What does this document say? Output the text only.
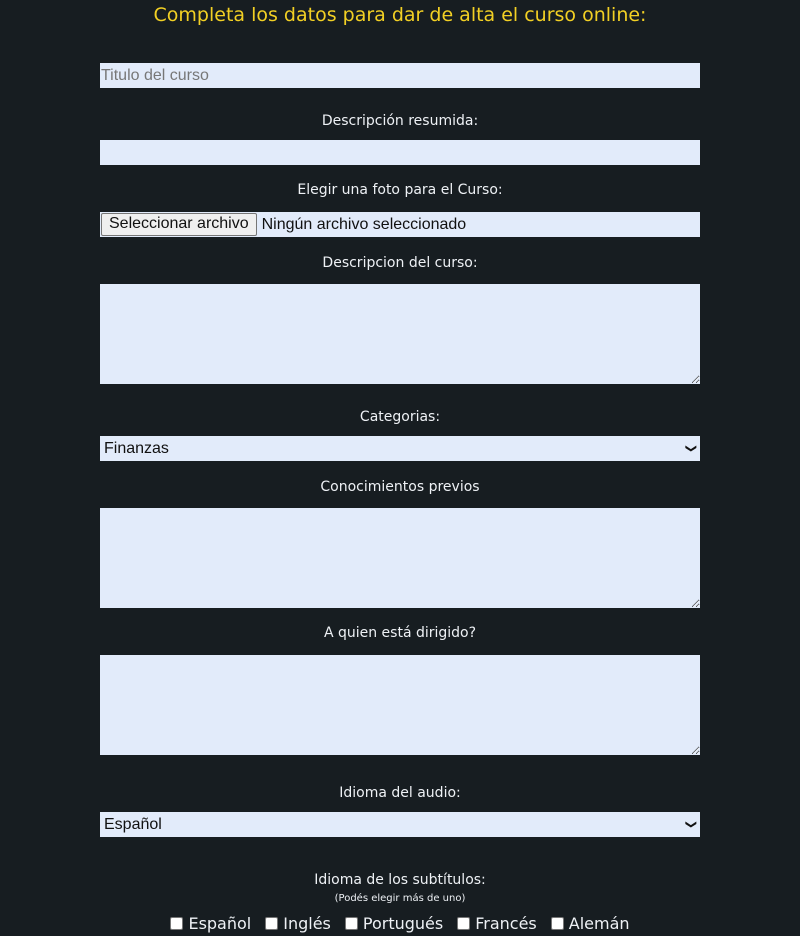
Completa los datos para dar de alta el curso online:
Titulo del curso
Descripción resumida:
Elegir una foto para el Curso:
Seleccionar archivo Ningún archivo seleccionado
Descripcion del curso:
Categorias:
Finanzas	❯
Conocimientos previos
A quien está dirigido?
Idioma del audio:
Español	❯
Idioma de los subtítulos:
(Podés elegir más de uno)
Español Inglés Portugués Francés Alemán
